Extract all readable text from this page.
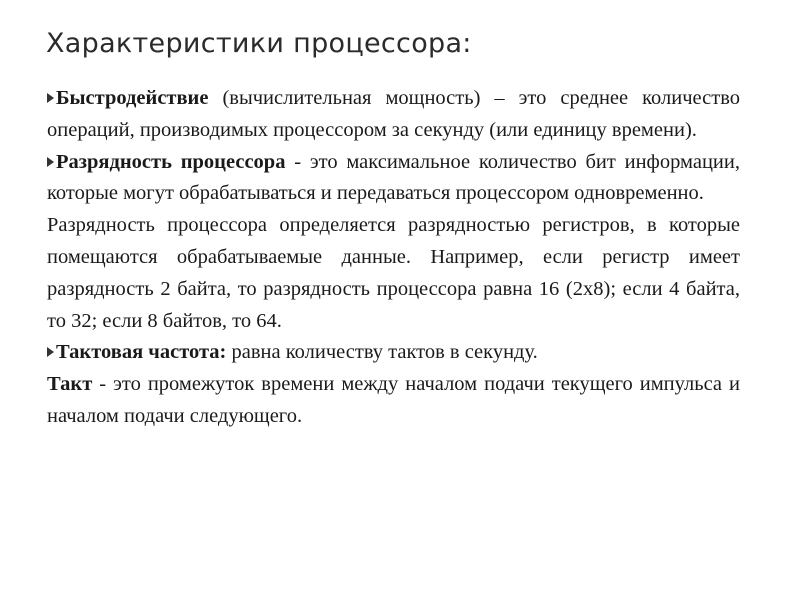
Характеристики процессора:

Быстродействие (вычислительная мощность) – это среднее количество операций, производимых процессором за секунду (или единицу времени).

Разрядность процессора - это максимальное количество бит информации, которые могут обрабатываться и передаваться процессором одновременно.

Разрядность процессора определяется разрядностью регистров, в которые помещаются обрабатываемые данные. Например, если регистр имеет разрядность 2 байта, то разрядность процессора равна 16 (2х8); если 4 байта, то 32; если 8 байтов, то 64.

Тактовая частота: равна количеству тактов в секунду.

Такт - это промежуток времени между началом подачи текущего импульса и началом подачи следующего.
